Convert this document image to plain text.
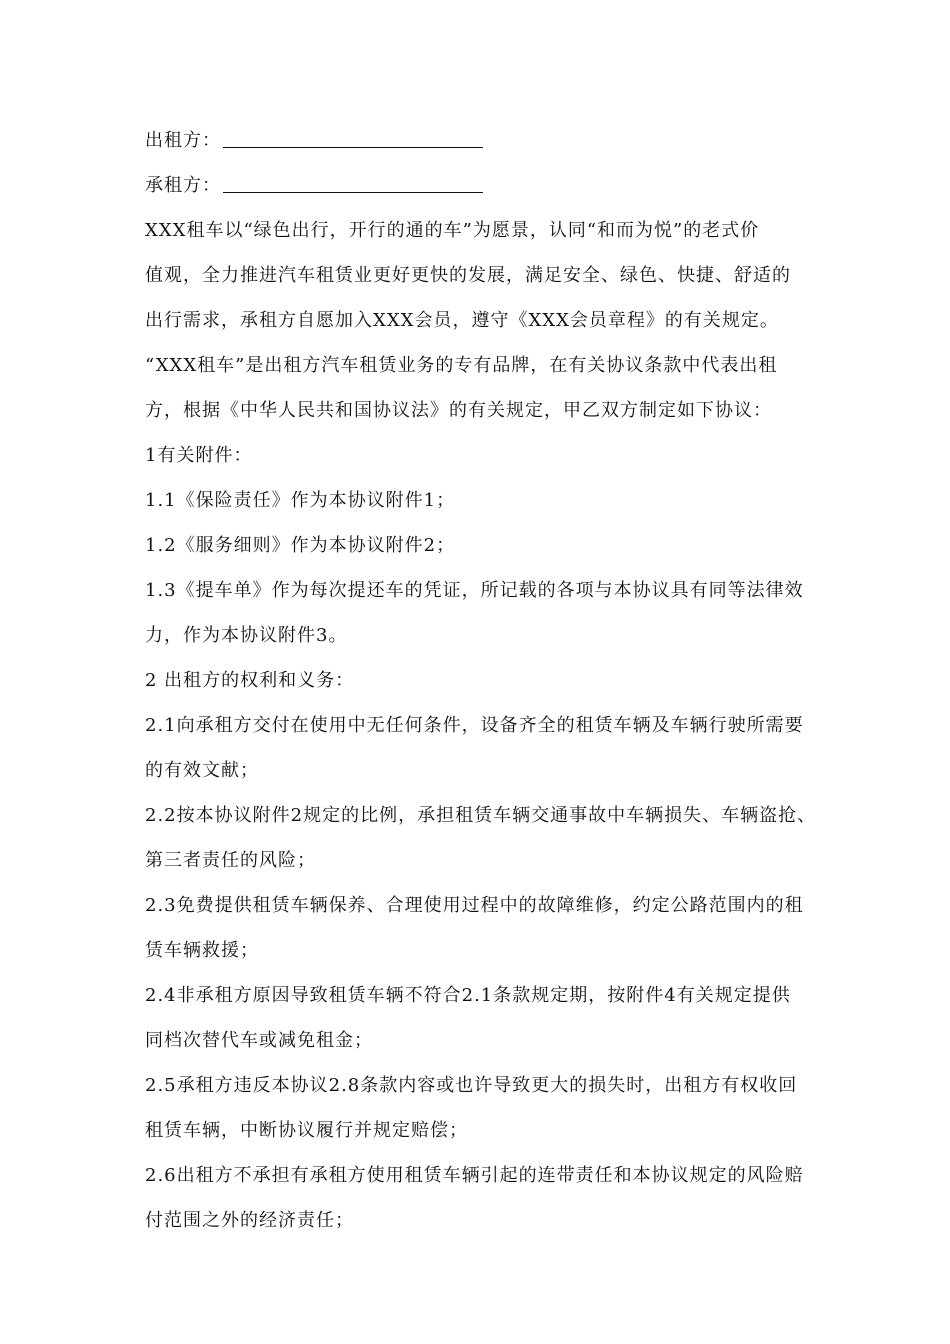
出租方：
承租方：
XXX租车以“绿色出行，开行的通的车”为愿景，认同“和而为悦”的老式价
值观，全力推进汽车租赁业更好更快的发展，满足安全、绿色、快捷、舒适的
出行需求，承租方自愿加入XXX会员，遵守《XXX会员章程》的有关规定。
“XXX租车”是出租方汽车租赁业务的专有品牌，在有关协议条款中代表出租
方，根据《中华人民共和国协议法》的有关规定，甲乙双方制定如下协议：
1有关附件：
1.1《保险责任》作为本协议附件1；
1.2《服务细则》作为本协议附件2；
1.3《提车单》作为每次提还车的凭证，所记载的各项与本协议具有同等法律效
力，作为本协议附件3。
2 出租方的权利和义务：
2.1向承租方交付在使用中无任何条件，设备齐全的租赁车辆及车辆行驶所需要
的有效文献；
2.2按本协议附件2规定的比例，承担租赁车辆交通事故中车辆损失、车辆盗抢、
第三者责任的风险；
2.3免费提供租赁车辆保养、合理使用过程中的故障维修，约定公路范围内的租
赁车辆救援；
2.4非承租方原因导致租赁车辆不符合2.1条款规定期，按附件4有关规定提供
同档次替代车或减免租金；
2.5承租方违反本协议2.8条款内容或也许导致更大的损失时，出租方有权收回
租赁车辆，中断协议履行并规定赔偿；
2.6出租方不承担有承租方使用租赁车辆引起的连带责任和本协议规定的风险赔
付范围之外的经济责任；
